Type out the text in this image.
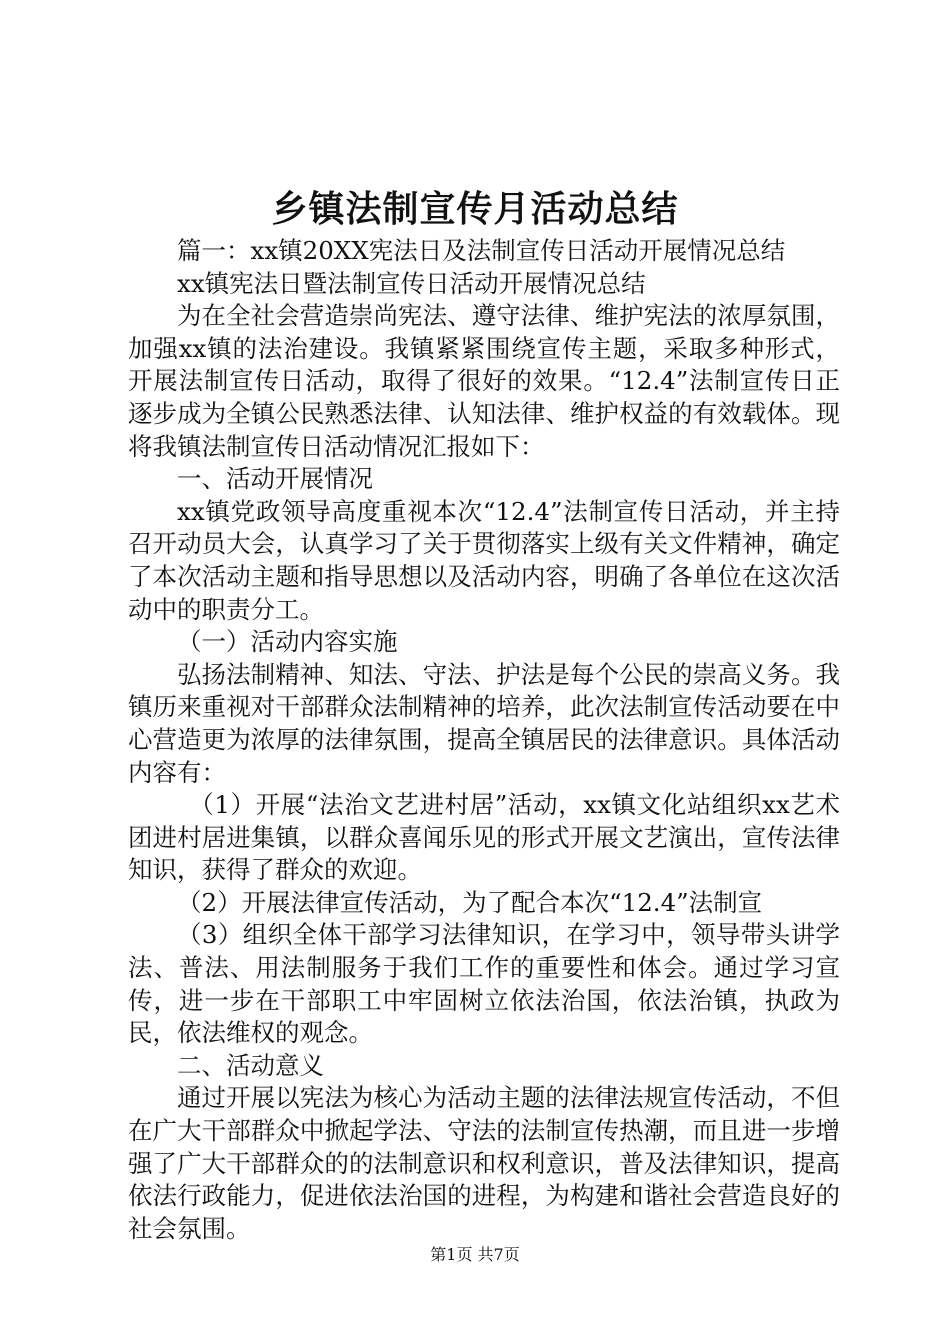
乡镇法制宣传月活动总结

篇一：xx镇20XX宪法日及法制宣传日活动开展情况总结

xx镇宪法日暨法制宣传日活动开展情况总结

为在全社会营造崇尚宪法、遵守法律、维护宪法的浓厚氛围，加强xx镇的法治建设。我镇紧紧围绕宣传主题，采取多种形式，开展法制宣传日活动，取得了很好的效果。“12.4”法制宣传日正逐步成为全镇公民熟悉法律、认知法律、维护权益的有效载体。现将我镇法制宣传日活动情况汇报如下：

一、活动开展情况

xx镇党政领导高度重视本次“12.4”法制宣传日活动，并主持召开动员大会，认真学习了关于贯彻落实上级有关文件精神，确定了本次活动主题和指导思想以及活动内容，明确了各单位在这次活动中的职责分工。

（一）活动内容实施

弘扬法制精神、知法、守法、护法是每个公民的崇高义务。我镇历来重视对干部群众法制精神的培养，此次法制宣传活动要在中心营造更为浓厚的法律氛围，提高全镇居民的法律意识。具体活动内容有：

（1）开展“法治文艺进村居”活动，xx镇文化站组织xx艺术团进村居进集镇，以群众喜闻乐见的形式开展文艺演出，宣传法律知识，获得了群众的欢迎。

（2）开展法律宣传活动，为了配合本次“12.4”法制宣

（3）组织全体干部学习法律知识，在学习中，领导带头讲学法、普法、用法制服务于我们工作的重要性和体会。通过学习宣传，进一步在干部职工中牢固树立依法治国，依法治镇，执政为民，依法维权的观念。

二、活动意义

通过开展以宪法为核心为活动主题的法律法规宣传活动，不但在广大干部群众中掀起学法、守法的法制宣传热潮，而且进一步增强了广大干部群众的的法制意识和权利意识，普及法律知识，提高依法行政能力，促进依法治国的进程，为构建和谐社会营造良好的社会氛围。

第1页 共7页
